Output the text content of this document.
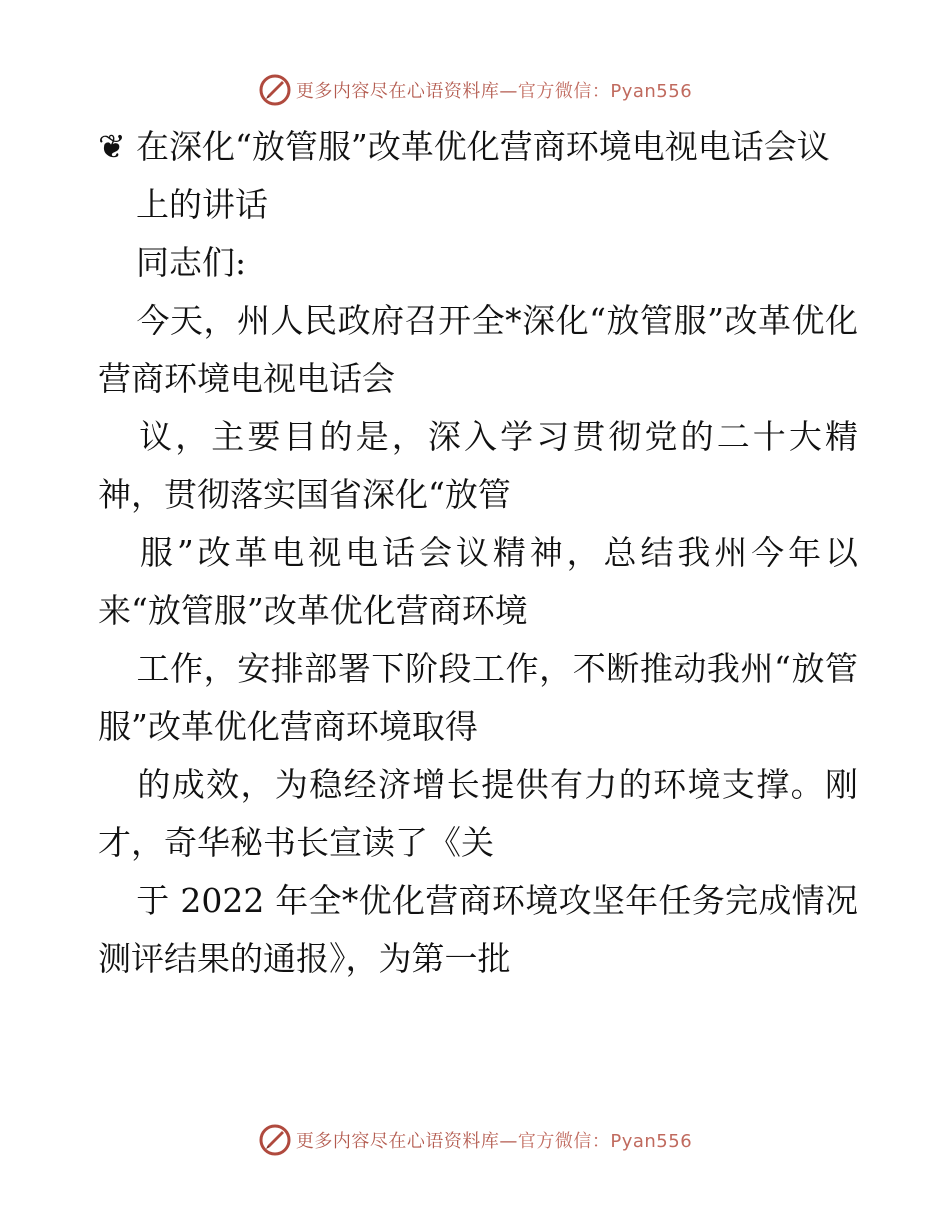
更多内容尽在心语资料库—官方微信：Pyan556

❦ 在深化“放管服”改革优化营商环境电视电话会议

上的讲话

同志们:

今天，州人民政府召开全*深化“放管服”改革优化营商环境电视电话会

议，主要目的是，深入学习贯彻党的二十大精神，贯彻落实国省深化“放管

服”改革电视电话会议精神，总结我州今年以来“放管服”改革优化营商环境

工作，安排部署下阶段工作，不断推动我州“放管服”改革优化营商环境取得

的成效，为稳经济增长提供有力的环境支撑。刚才，奇华秘书长宣读了《关

于 2022 年全*优化营商环境攻坚年任务完成情况测评结果的通报》，为第一批

更多内容尽在心语资料库—官方微信：Pyan556
